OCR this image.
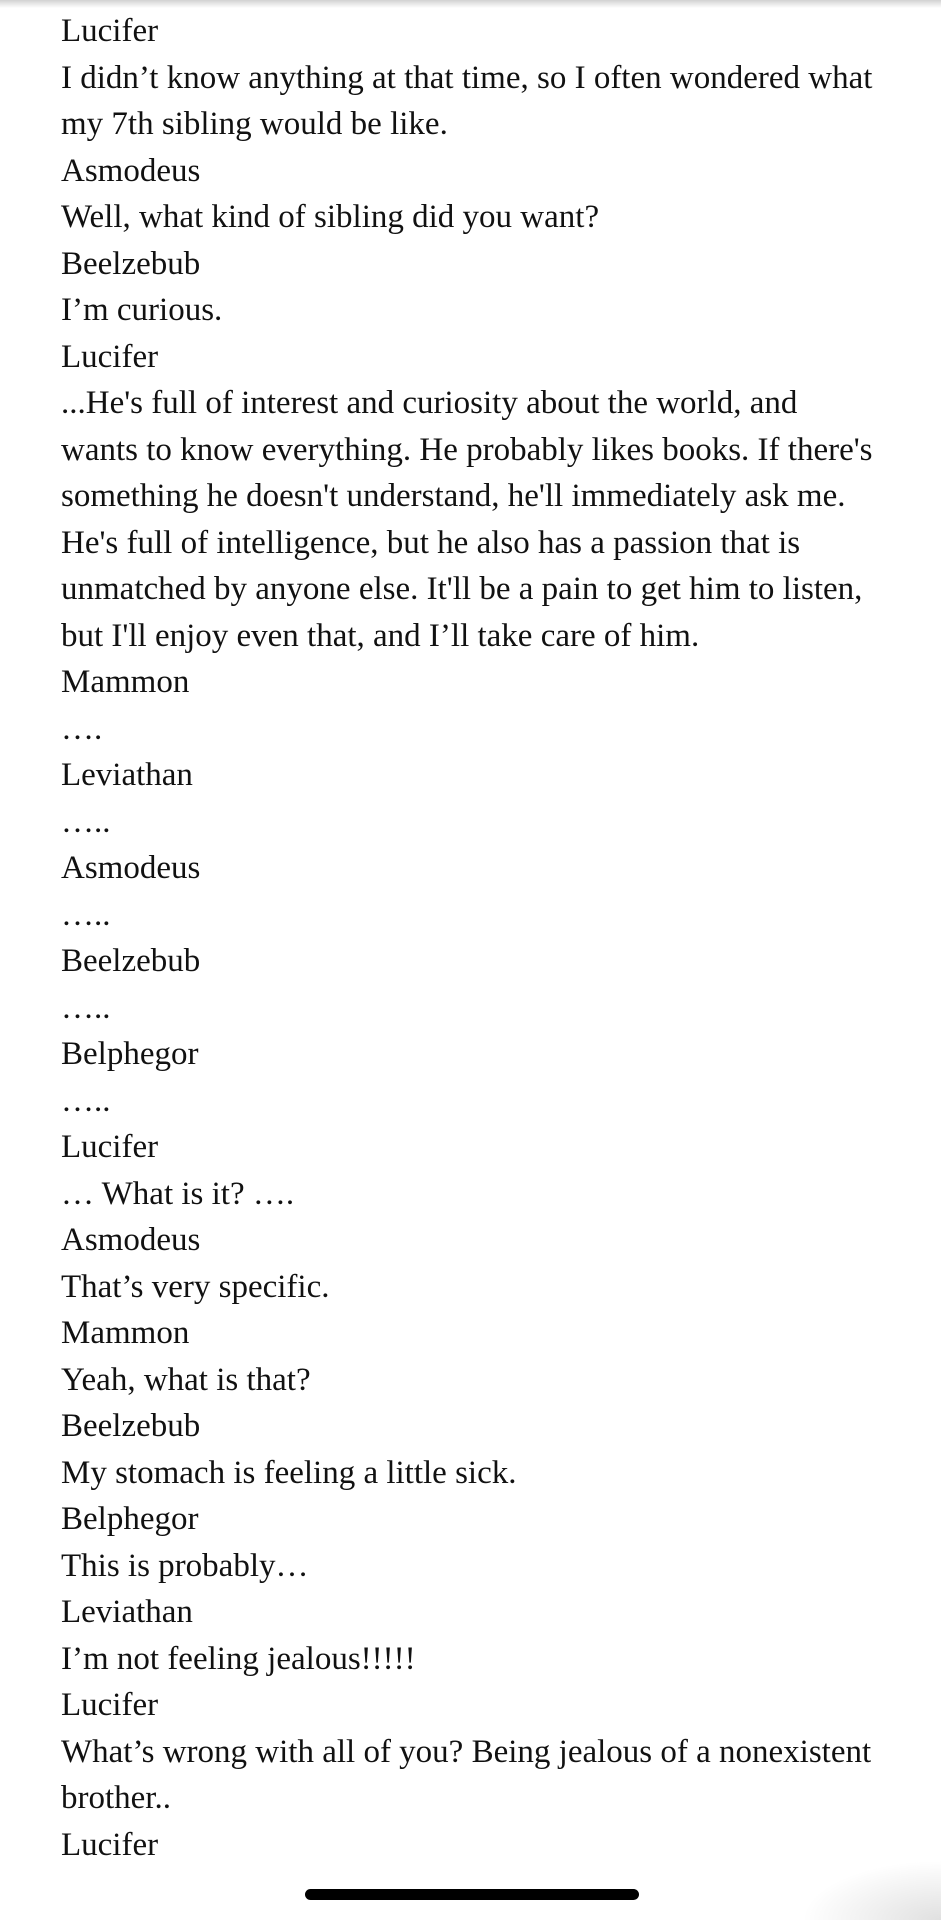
Lucifer
I didn’t know anything at that time, so I often wondered what my 7th sibling would be like.
Asmodeus
Well, what kind of sibling did you want?
Beelzebub
I’m curious.
Lucifer
...He's full of interest and curiosity about the world, and wants to know everything. He probably likes books. If there's something he doesn't understand, he'll immediately ask me. He's full of intelligence, but he also has a passion that is unmatched by anyone else. It'll be a pain to get him to listen, but I'll enjoy even that, and I’ll take care of him.
Mammon
….
Leviathan
…..
Asmodeus
…..
Beelzebub
…..
Belphegor
…..
Lucifer
… What is it? ….
Asmodeus
That’s very specific.
Mammon
Yeah, what is that?
Beelzebub
My stomach is feeling a little sick.
Belphegor
This is probably…
Leviathan
I’m not feeling jealous!!!!!
Lucifer
What’s wrong with all of you? Being jealous of a nonexistent brother..
Lucifer
